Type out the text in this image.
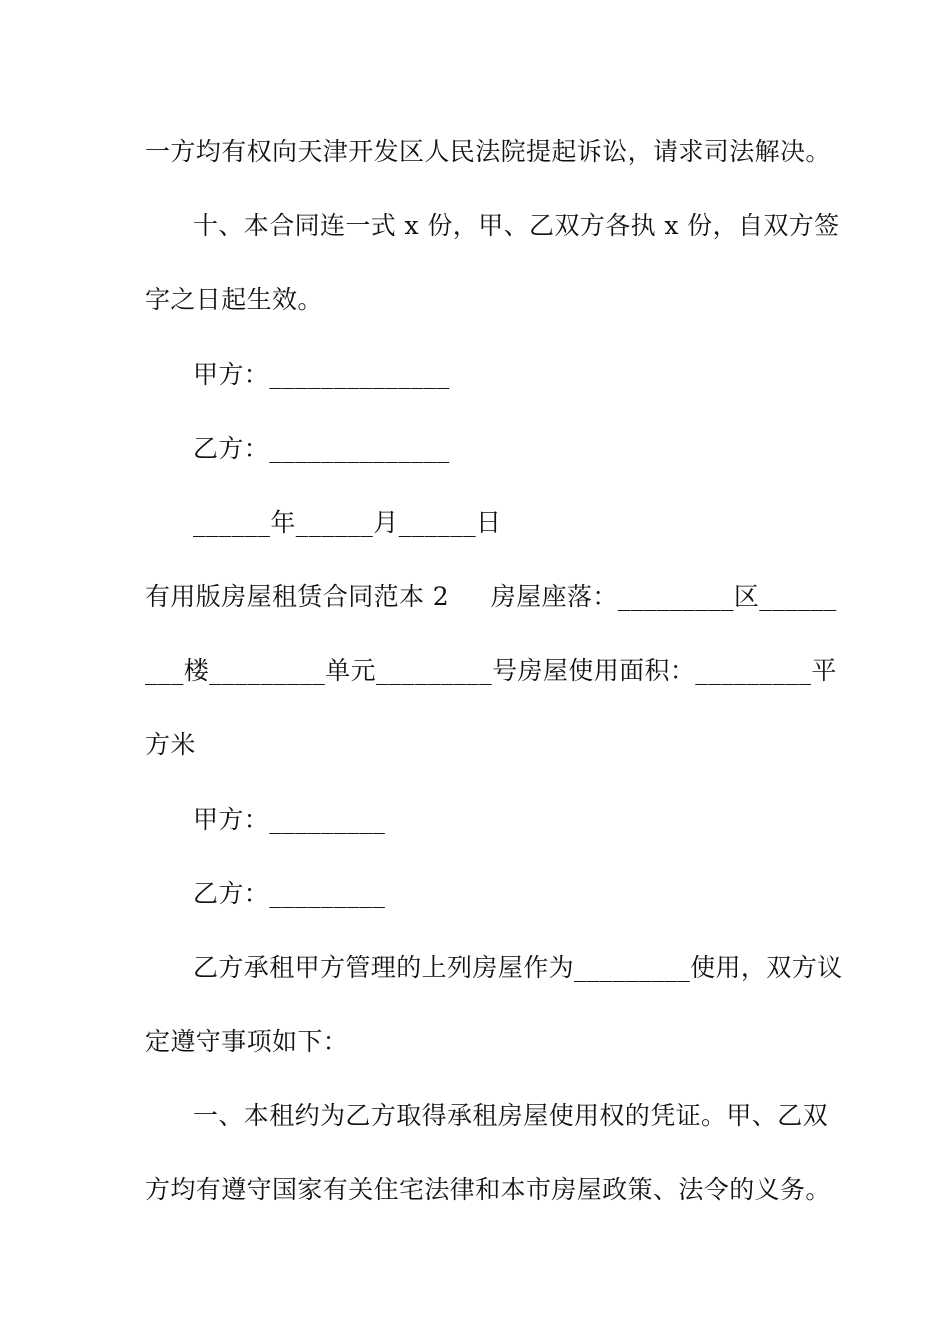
一方均有权向天津开发区人民法院提起诉讼，请求司法解决。
十、本合同连一式 x 份，甲、乙双方各执 x 份，自双方签
字之日起生效。
甲方：______________
乙方：______________
______年______月______日
有用版房屋租赁合同范本 2     房屋座落：_________区______
___楼_________单元_________号房屋使用面积：_________平
方米
甲方：_________
乙方：_________
乙方承租甲方管理的上列房屋作为_________使用，双方议
定遵守事项如下：
一、本租约为乙方取得承租房屋使用权的凭证。甲、乙双
方均有遵守国家有关住宅法律和本市房屋政策、法令的义务。
